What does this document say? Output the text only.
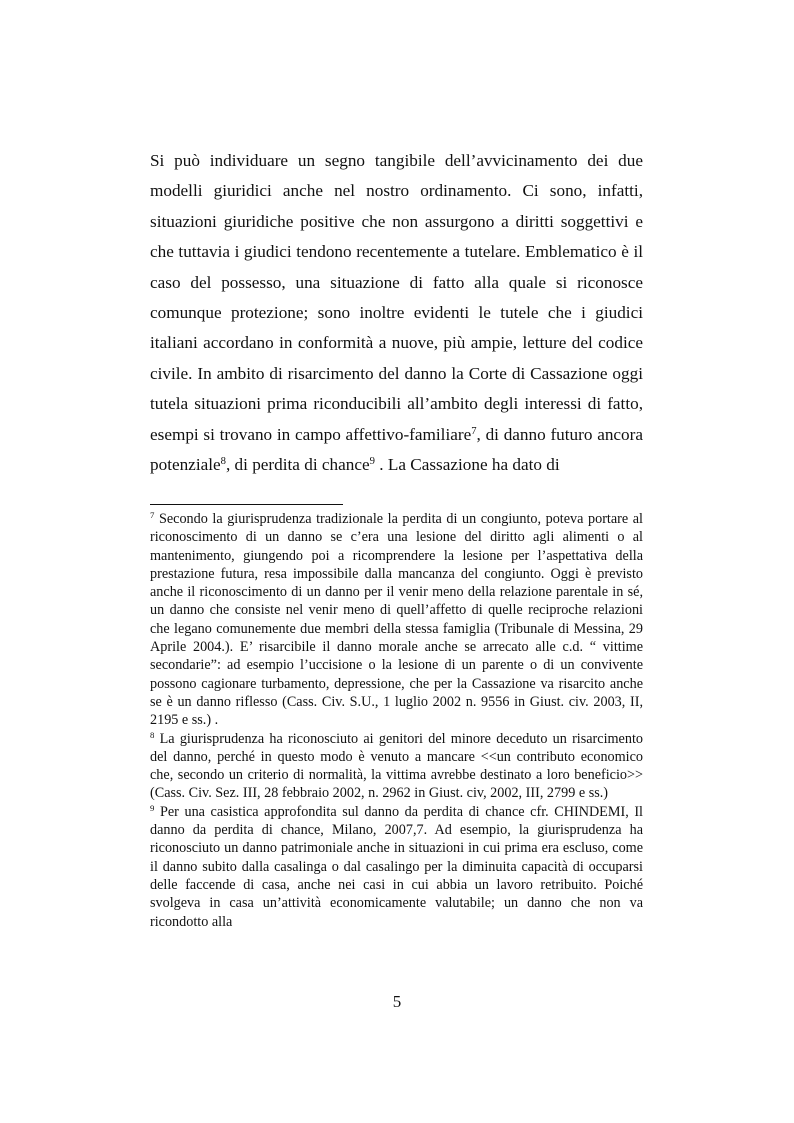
Si può individuare un segno tangibile dell’avvicinamento dei due modelli giuridici anche nel nostro ordinamento. Ci sono, infatti, situazioni giuridiche positive che non assurgono a diritti soggettivi e che tuttavia i giudici tendono recentemente a tutelare. Emblematico è il caso del possesso, una situazione di fatto alla quale si riconosce comunque protezione; sono inoltre evidenti le tutele che i giudici italiani accordano in conformità a nuove, più ampie, letture del codice civile. In ambito di risarcimento del danno la Corte di Cassazione oggi tutela situazioni prima riconducibili all’ambito degli interessi di fatto, esempi si trovano in campo affettivo-familiare$^7$, di danno futuro ancora potenziale$^8$, di perdita di chance$^9$ . La Cassazione ha dato di

$^7$ Secondo la giurisprudenza tradizionale la perdita di un congiunto, poteva portare al riconoscimento di un danno se c’era una lesione del diritto agli alimenti o al mantenimento, giungendo poi a ricomprendere la lesione per l’aspettativa della prestazione futura, resa impossibile dalla mancanza del congiunto. Oggi è previsto anche il riconoscimento di un danno per il venir meno della relazione parentale in sé, un danno che consiste nel venir meno di quell’affetto di quelle reciproche relazioni che legano comunemente due membri della stessa famiglia (Tribunale di Messina, 29 Aprile 2004.). E’ risarcibile il danno morale anche se arrecato alle c.d. “ vittime secondarie”: ad esempio l’uccisione o la lesione di un parente o di un convivente possono cagionare turbamento, depressione, che per la Cassazione va risarcito anche se è un danno riflesso (Cass. Civ. S.U., 1 luglio 2002 n. 9556 in Giust. civ. 2003, II, 2195 e ss.) .

$^8$ La giurisprudenza ha riconosciuto ai genitori del minore deceduto un risarcimento del danno, perché in questo modo è venuto a mancare <<un contributo economico che, secondo un criterio di normalità, la vittima avrebbe destinato a loro beneficio>> (Cass. Civ. Sez. III, 28 febbraio 2002, n. 2962 in Giust. civ, 2002, III, 2799 e ss.)

$^9$ Per una casistica approfondita sul danno da perdita di chance cfr. CHINDEMI, Il danno da perdita di chance, Milano, 2007,7. Ad esempio, la giurisprudenza ha riconosciuto un danno patrimoniale anche in situazioni in cui prima era escluso, come il danno subito dalla casalinga o dal casalingo per la diminuita capacità di occuparsi delle faccende di casa, anche nei casi in cui abbia un lavoro retribuito. Poiché svolgeva in casa un’attività economicamente valutabile; un danno che non va ricondotto alla

5
